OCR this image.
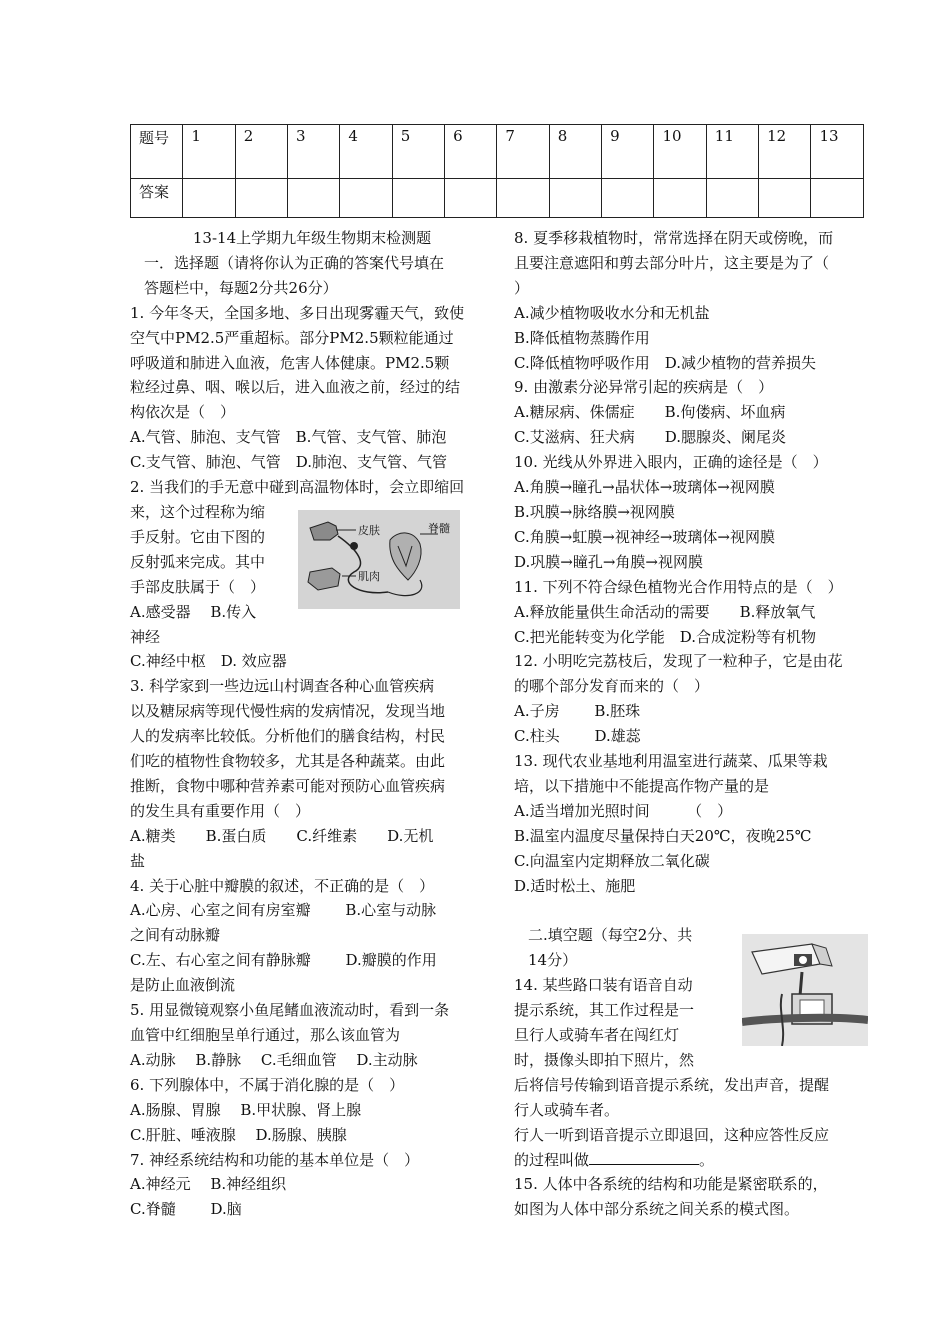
题号	1	2	3	4	5	6	7	8	9	10	11	12	13
答案													
13-14上学期九年级生物期末检测题
一．选择题（请将你认为正确的答案代号填在
答题栏中，每题2分共26分）
1. 今年冬天，全国多地、多日出现雾霾天气，致使
空气中PM2.5严重超标。部分PM2.5颗粒能通过
呼吸道和肺进入血液，危害人体健康。PM2.5颗
粒经过鼻、咽、喉以后，进入血液之前，经过的结
构依次是（　）
A.气管、肺泡、支气管　B.气管、支气管、肺泡
C.支气管、肺泡、气管　D.肺泡、支气管、气管
2. 当我们的手无意中碰到高温物体时，会立即缩回
来，这个过程称为缩
手反射。它由下图的
反射弧来完成。其中
手部皮肤属于（　）
A.感受器　 B.传入
神经
C.神经中枢　D. 效应器
3. 科学家到一些边远山村调查各种心血管疾病
以及糖尿病等现代慢性病的发病情况，发现当地
人的发病率比较低。分析他们的膳食结构，村民
们吃的植物性食物较多，尤其是各种蔬菜。由此
推断，食物中哪种营养素可能对预防心血管疾病
的发生具有重要作用（　）
A.糖类　　B.蛋白质　　C.纤维素　　D.无机
盐
4. 关于心脏中瓣膜的叙述，不正确的是（　）
A.心房、心室之间有房室瓣　　 B.心室与动脉
之间有动脉瓣
C.左、右心室之间有静脉瓣　　 D.瓣膜的作用
是防止血液倒流
5. 用显微镜观察小鱼尾鳍血液流动时，看到一条
血管中红细胞呈单行通过，那么该血管为
A.动脉　 B.静脉　 C.毛细血管　 D.主动脉
6. 下列腺体中，不属于消化腺的是（　）
A.肠腺、胃腺　 B.甲状腺、肾上腺
C.肝脏、唾液腺　 D.肠腺、胰腺
7. 神经系统结构和功能的基本单位是（　）
A.神经元　 B.神经组织
C.脊髓　　 D.脑
皮肤	脊髓
肌肉
8. 夏季移栽植物时，常常选择在阴天或傍晚，而
且要注意遮阳和剪去部分叶片，这主要是为了（
）
A.减少植物吸收水分和无机盐
B.降低植物蒸腾作用
C.降低植物呼吸作用　D.减少植物的营养损失
9. 由激素分泌异常引起的疾病是（　）
A.糖尿病、侏儒症　　B.佝偻病、坏血病
C.艾滋病、狂犬病　　D.腮腺炎、阑尾炎
10. 光线从外界进入眼内，正确的途径是（　）
A.角膜→瞳孔→晶状体→玻璃体→视网膜
B.巩膜→脉络膜→视网膜
C.角膜→虹膜→视神经→玻璃体→视网膜
D.巩膜→瞳孔→角膜→视网膜
11. 下列不符合绿色植物光合作用特点的是（　）
A.释放能量供生命活动的需要　　B.释放氧气
C.把光能转变为化学能　D.合成淀粉等有机物
12. 小明吃完荔枝后，发现了一粒种子，它是由花
的哪个部分发育而来的（　）
A.子房　　 B.胚珠
C.柱头　　 D.雄蕊
13. 现代农业基地利用温室进行蔬菜、瓜果等栽
培，以下措施中不能提高作物产量的是
A.适当增加光照时间　　　（　）
B.温室内温度尽量保持白天20℃，夜晚25℃
C.向温室内定期释放二氧化碳
D.适时松土、施肥
二.填空题（每空2分、共
14分）
14. 某些路口装有语音自动
提示系统，其工作过程是一
旦行人或骑车者在闯红灯
时，摄像头即拍下照片，然
后将信号传输到语音提示系统，发出声音，提醒
行人或骑车者。
行人一听到语音提示立即退回，这种应答性反应
的过程叫做	。
15. 人体中各系统的结构和功能是紧密联系的，
如图为人体中部分系统之间关系的模式图。
